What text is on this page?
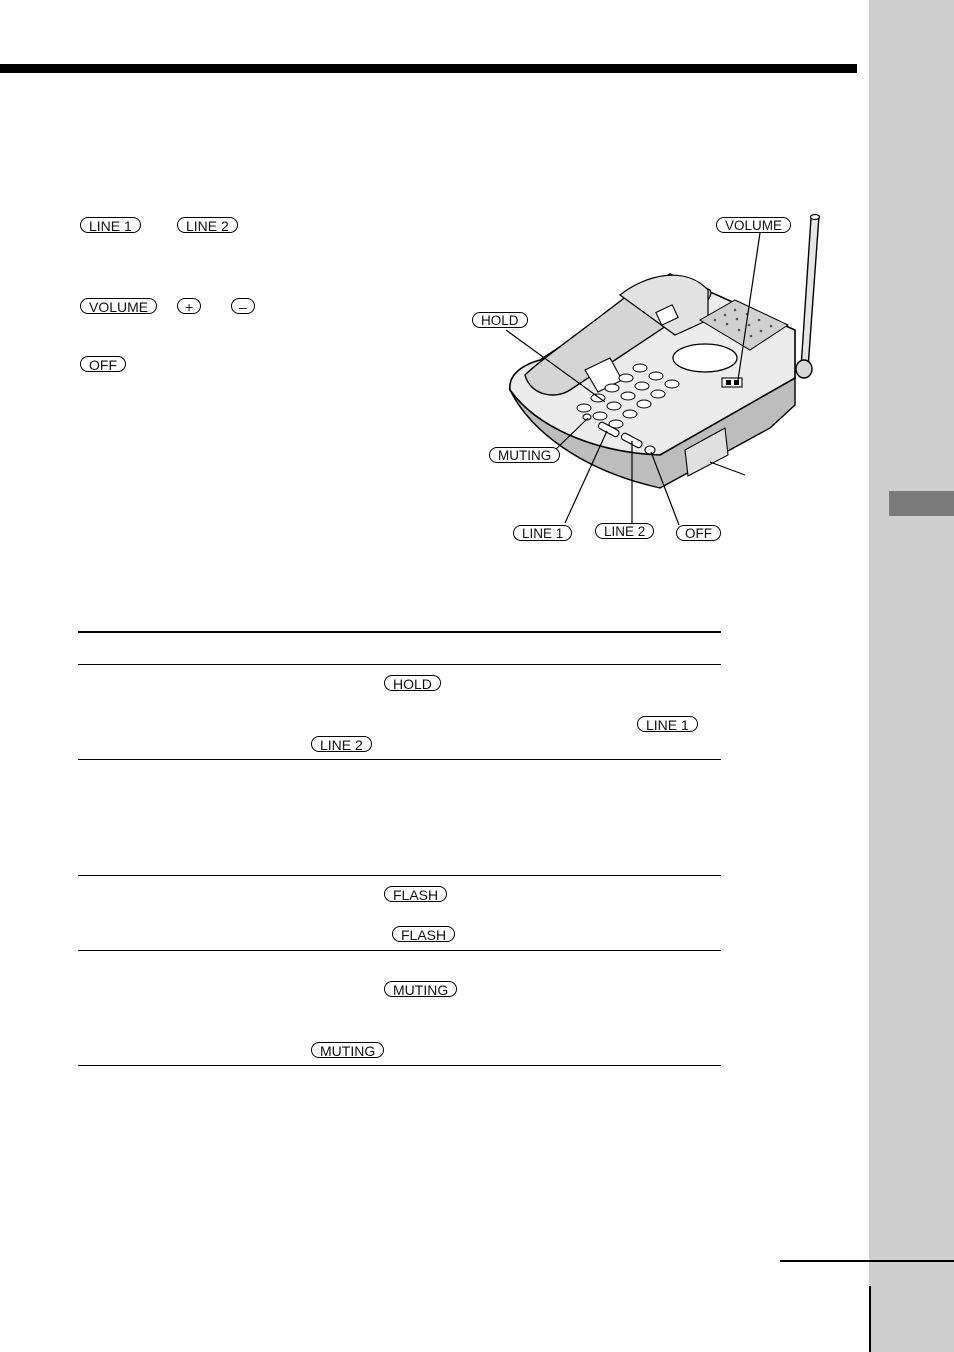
LINE 1	LINE 2
VOLUME	+	–
OFF
VOLUME
HOLD
MUTING
LINE 1	LINE 2	OFF
HOLD
LINE 1
LINE 2
FLASH
FLASH
MUTING
MUTING
